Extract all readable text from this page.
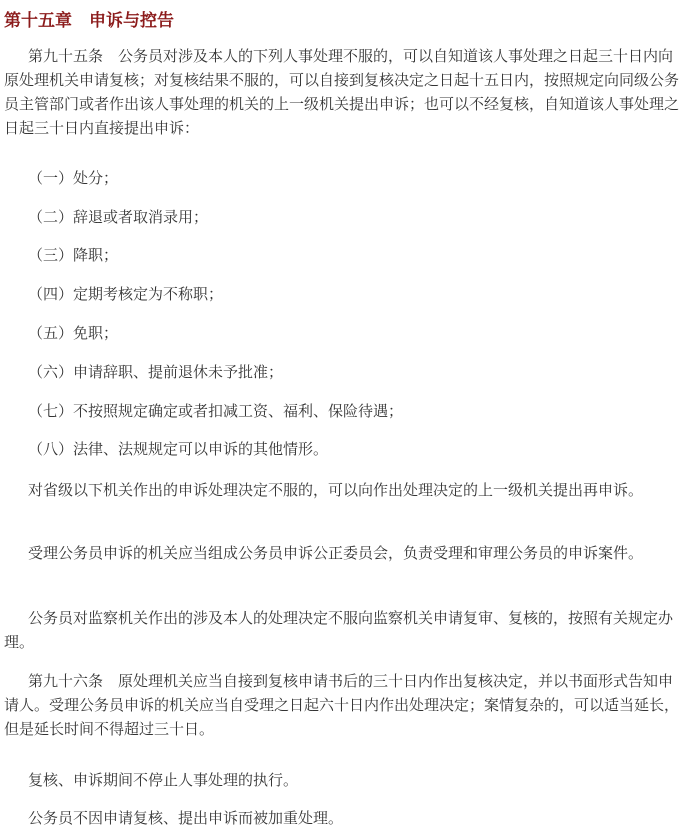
第十五章　申诉与控告

第九十五条　公务员对涉及本人的下列人事处理不服的，可以自知道该人事处理之日起三十日内向原处理机关申请复核；对复核结果不服的，可以自接到复核决定之日起十五日内，按照规定向同级公务员主管部门或者作出该人事处理的机关的上一级机关提出申诉；也可以不经复核，自知道该人事处理之日起三十日内直接提出申诉：

（一）处分；
（二）辞退或者取消录用；
（三）降职；
（四）定期考核定为不称职；
（五）免职；
（六）申请辞职、提前退休未予批准；
（七）不按照规定确定或者扣减工资、福利、保险待遇；
（八）法律、法规规定可以申诉的其他情形。

对省级以下机关作出的申诉处理决定不服的，可以向作出处理决定的上一级机关提出再申诉。

受理公务员申诉的机关应当组成公务员申诉公正委员会，负责受理和审理公务员的申诉案件。

公务员对监察机关作出的涉及本人的处理决定不服向监察机关申请复审、复核的，按照有关规定办理。

第九十六条　原处理机关应当自接到复核申请书后的三十日内作出复核决定，并以书面形式告知申请人。受理公务员申诉的机关应当自受理之日起六十日内作出处理决定；案情复杂的，可以适当延长，但是延长时间不得超过三十日。

复核、申诉期间不停止人事处理的执行。

公务员不因申请复核、提出申诉而被加重处理。
